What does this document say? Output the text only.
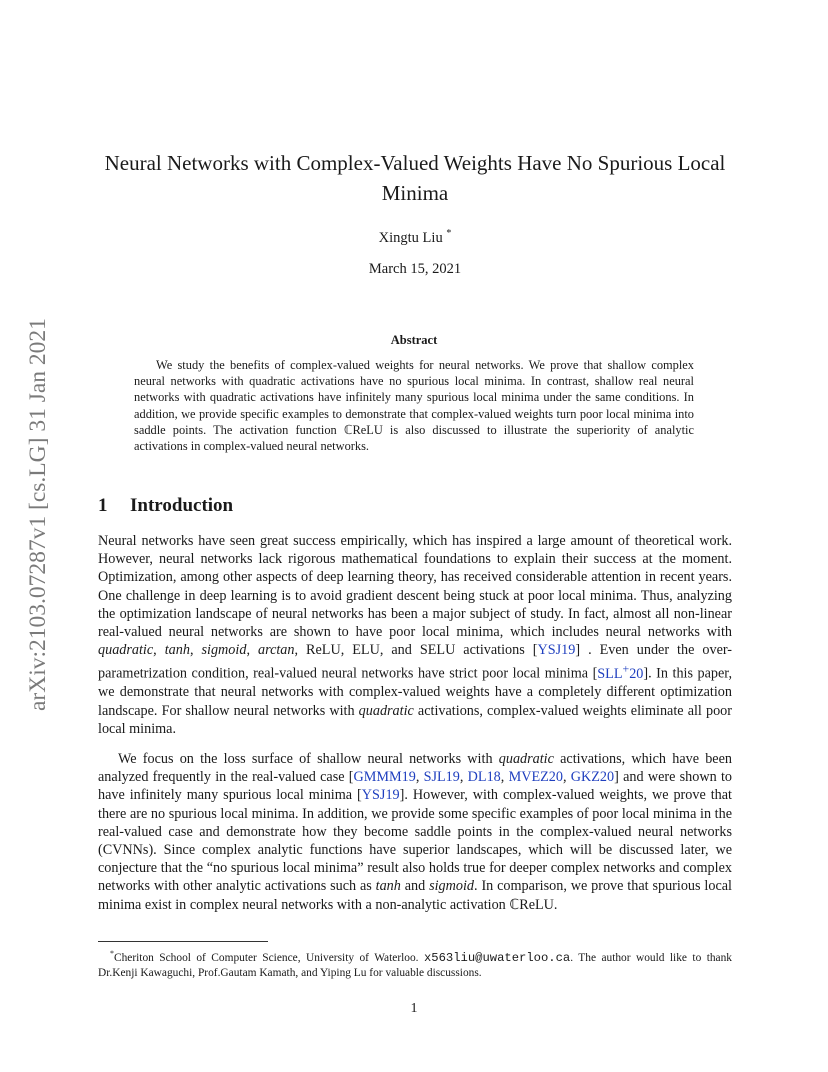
arXiv:2103.07287v1 [cs.LG] 31 Jan 2021
Neural Networks with Complex-Valued Weights Have No Spurious Local Minima
Xingtu Liu *
March 15, 2021
Abstract
We study the benefits of complex-valued weights for neural networks. We prove that shallow complex neural networks with quadratic activations have no spurious local minima. In contrast, shallow real neural networks with quadratic activations have infinitely many spurious local minima under the same conditions. In addition, we provide specific examples to demonstrate that complex-valued weights turn poor local minima into saddle points. The activation function ℂReLU is also discussed to illustrate the superiority of analytic activations in complex-valued neural networks.
1 Introduction
Neural networks have seen great success empirically, which has inspired a large amount of theoretical work. However, neural networks lack rigorous mathematical foundations to explain their success at the moment. Optimization, among other aspects of deep learning theory, has received considerable attention in recent years. One challenge in deep learning is to avoid gradient descent being stuck at poor local minima. Thus, analyzing the optimization landscape of neural networks has been a major subject of study. In fact, almost all non-linear real-valued neural networks are shown to have poor local minima, which includes neural networks with quadratic, tanh, sigmoid, arctan, ReLU, ELU, and SELU activations [YSJ19] . Even under the over-parametrization condition, real-valued neural networks have strict poor local minima [SLL+20]. In this paper, we demonstrate that neural networks with complex-valued weights have a completely different optimization landscape. For shallow neural networks with quadratic activations, complex-valued weights eliminate all poor local minima.
We focus on the loss surface of shallow neural networks with quadratic activations, which have been analyzed frequently in the real-valued case [GMMM19, SJL19, DL18, MVEZ20, GKZ20] and were shown to have infinitely many spurious local minima [YSJ19]. However, with complex-valued weights, we prove that there are no spurious local minima. In addition, we provide some specific examples of poor local minima in the real-valued case and demonstrate how they become saddle points in the complex-valued neural networks (CVNNs). Since complex analytic functions have superior landscapes, which will be discussed later, we conjecture that the “no spurious local minima” result also holds true for deeper complex networks and complex networks with other analytic activations such as tanh and sigmoid. In comparison, we prove that spurious local minima exist in complex neural networks with a non-analytic activation ℂReLU.
*Cheriton School of Computer Science, University of Waterloo. x563liu@uwaterloo.ca. The author would like to thank Dr.Kenji Kawaguchi, Prof.Gautam Kamath, and Yiping Lu for valuable discussions.
1
